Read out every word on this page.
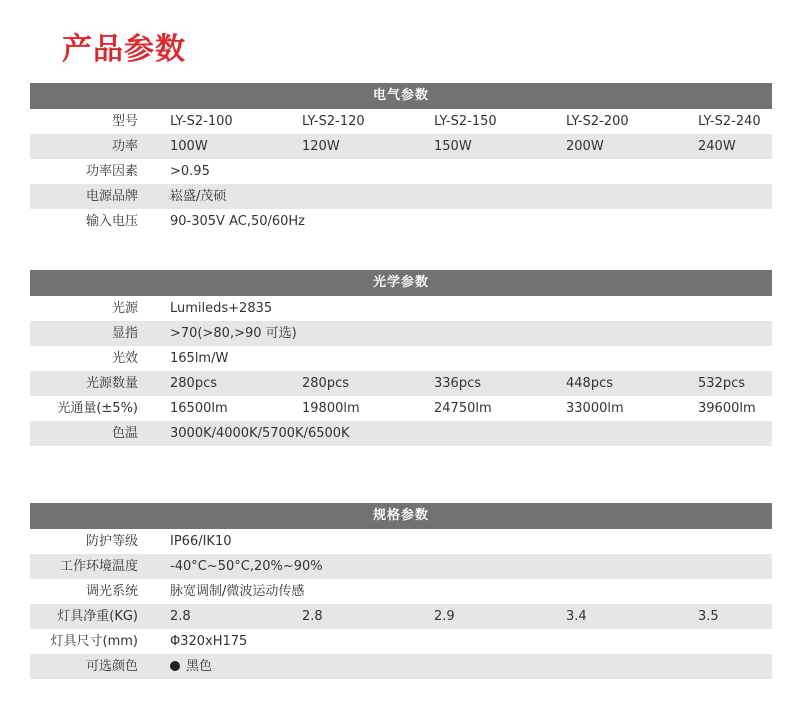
产品参数
电气参数
型号 LY-S2-100	LY-S2-120	LY-S2-150	LY-S2-200	LY-S2-240
功率 100W	120W	150W	200W	240W
功率因素 >0.95
电源品牌 崧盛/茂硕
输入电压 90-305V AC,50/60Hz
光学参数
光源 Lumileds+2835
显指 >70(>80,>90 可选)
光效 165lm/W
光源数量 280pcs	280pcs	336pcs	448pcs	532pcs
光通量(±5%) 16500lm	19800lm	24750lm	33000lm	39600lm
色温 3000K/4000K/5700K/6500K
规格参数
防护等级 IP66/IK10
工作环境温度 -40°C~50°C,20%~90%
调光系统 脉宽调制/微波运动传感
灯具净重(KG) 2.8	2.8	2.9	3.4	3.5
灯具尺寸(mm) Φ320xH175
可选颜色	黑色
